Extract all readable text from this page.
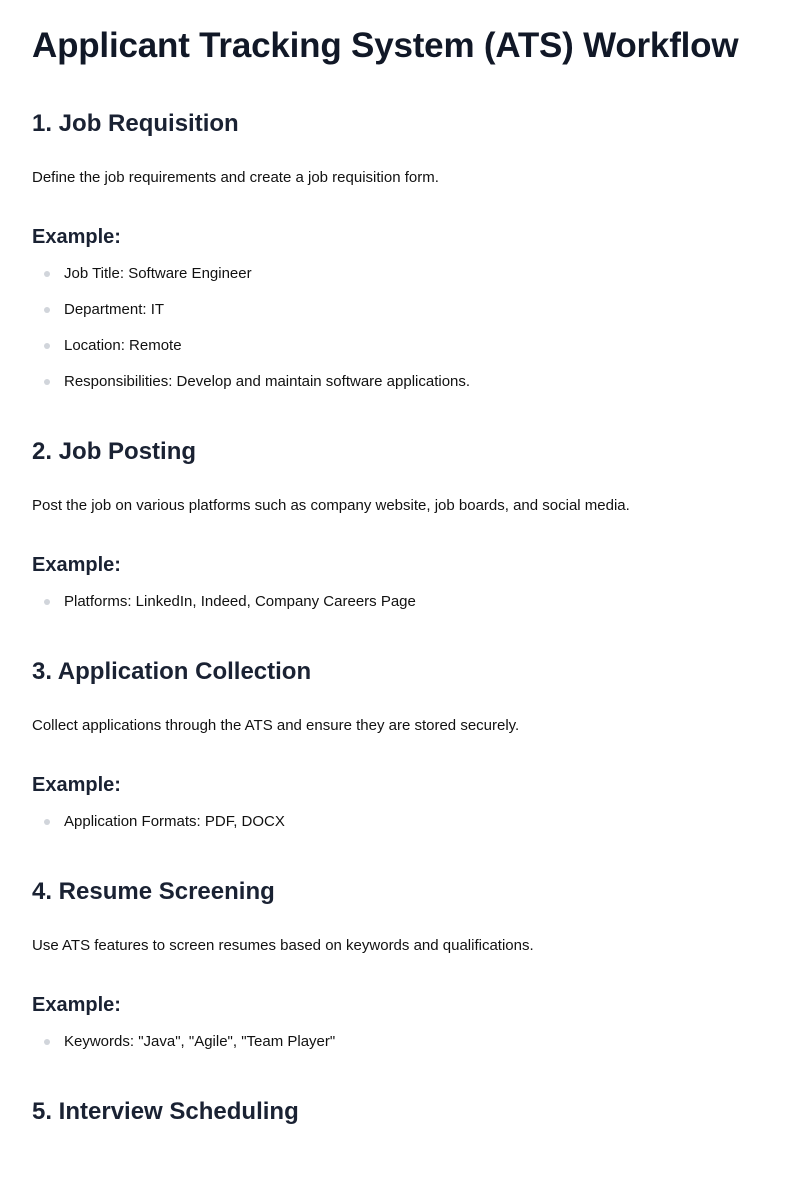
Applicant Tracking System (ATS) Workflow
1. Job Requisition

Define the job requirements and create a job requisition form.

Example:
Job Title: Software Engineer
Department: IT
Location: Remote
Responsibilities: Develop and maintain software applications.
2. Job Posting

Post the job on various platforms such as company website, job boards, and social media.

Example:
Platforms: LinkedIn, Indeed, Company Careers Page
3. Application Collection

Collect applications through the ATS and ensure they are stored securely.

Example:
Application Formats: PDF, DOCX
4. Resume Screening

Use ATS features to screen resumes based on keywords and qualifications.

Example:
Keywords: "Java", "Agile", "Team Player"
5. Interview Scheduling
